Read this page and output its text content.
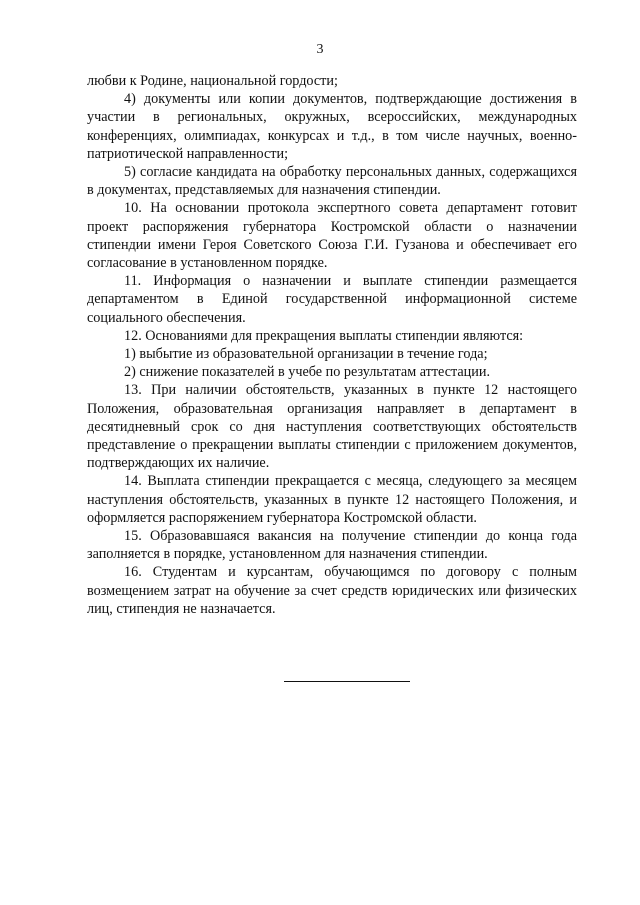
3

любви к Родине, национальной гордости;

4) документы или копии документов, подтверждающие достижения в участии в региональных, окружных, всероссийских, международных конференциях, олимпиадах, конкурсах и т.д., в том числе научных, военно-патриотической направленности;

5) согласие кандидата на обработку персональных данных, содержащихся в документах, представляемых для назначения стипендии.

10. На основании протокола экспертного совета департамент готовит проект распоряжения губернатора Костромской области о назначении стипендии имени Героя Советского Союза Г.И. Гузанова и обеспечивает его согласование в установленном порядке.

11. Информация о назначении и выплате стипендии размещается департаментом в Единой государственной информационной системе социального обеспечения.

12. Основаниями для прекращения выплаты стипендии являются:

1) выбытие из образовательной организации в течение года;

2) снижение показателей в учебе по результатам аттестации.

13. При наличии обстоятельств, указанных в пункте 12 настоящего Положения, образовательная организация направляет в департамент в десятидневный срок со дня наступления соответствующих обстоятельств представление о прекращении выплаты стипендии с приложением документов, подтверждающих их наличие.

14. Выплата стипендии прекращается с месяца, следующего за месяцем наступления обстоятельств, указанных в пункте 12 настоящего Положения, и оформляется распоряжением губернатора Костромской области.

15. Образовавшаяся вакансия на получение стипендии до конца года заполняется в порядке, установленном для назначения стипендии.

16. Студентам и курсантам, обучающимся по договору с полным возмещением затрат на обучение за счет средств юридических или физических лиц, стипендия не назначается.
